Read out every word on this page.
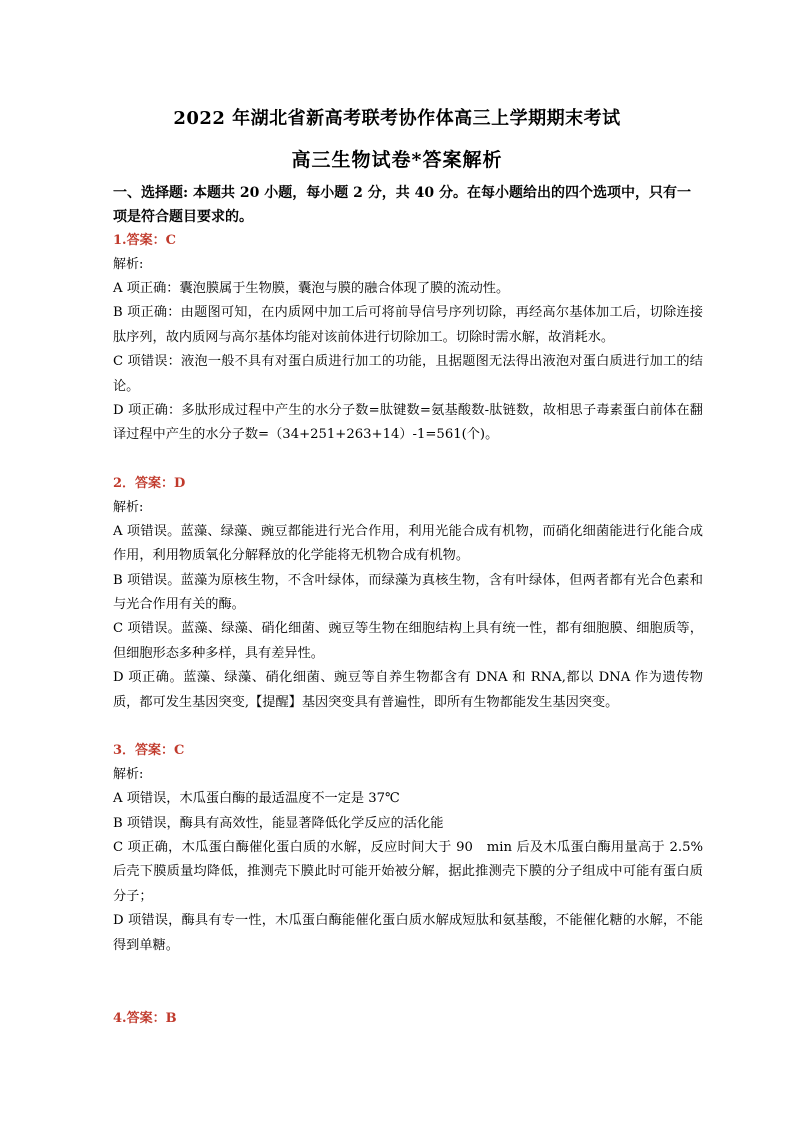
2022 年湖北省新高考联考协作体高三上学期期末考试
高三生物试卷*答案解析
一、选择题: 本题共 20 小题，每小题 2 分，共 40 分。在每小题给出的四个选项中，只有一项是符合题目要求的。
1.答案：C
解析:
A 项正确：囊泡膜属于生物膜，囊泡与膜的融合体现了膜的流动性。
B 项正确：由题图可知，在内质网中加工后可将前导信号序列切除，再经高尔基体加工后，切除连接肽序列，故内质网与高尔基体均能对该前体进行切除加工。切除时需水解，故消耗水。
C 项错误：液泡一般不具有对蛋白质进行加工的功能，且据题图无法得出液泡对蛋白质进行加工的结论。
D 项正确：多肽形成过程中产生的水分子数=肽键数=氨基酸数-肽链数，故相思子毒素蛋白前体在翻译过程中产生的水分子数=（34+251+263+14）-1=561(个)。
2．答案：D
解析:
A 项错误。蓝藻、绿藻、豌豆都能进行光合作用，利用光能合成有机物，而硝化细菌能进行化能合成作用，利用物质氧化分解释放的化学能将无机物合成有机物。
B 项错误。蓝藻为原核生物，不含叶绿体，而绿藻为真核生物，含有叶绿体，但两者都有光合色素和与光合作用有关的酶。
C 项错误。蓝藻、绿藻、硝化细菌、豌豆等生物在细胞结构上具有统一性，都有细胞膜、细胞质等，但细胞形态多种多样，具有差异性。
D 项正确。蓝藻、绿藻、硝化细菌、豌豆等自养生物都含有 DNA 和 RNA,都以 DNA 作为遗传物质，都可发生基因突变,【提醒】基因突变具有普遍性，即所有生物都能发生基因突变。
3．答案：C
解析:
A 项错误，木瓜蛋白酶的最适温度不一定是 37℃
B 项错误，酶具有高效性，能显著降低化学反应的活化能
C 项正确，木瓜蛋白酶催化蛋白质的水解，反应时间大于 90　min 后及木瓜蛋白酶用量高于 2.5%后壳下膜质量均降低，推测壳下膜此时可能开始被分解，据此推测壳下膜的分子组成中可能有蛋白质分子；
D 项错误，酶具有专一性，木瓜蛋白酶能催化蛋白质水解成短肽和氨基酸，不能催化糖的水解，不能得到单糖。
4.答案：B
